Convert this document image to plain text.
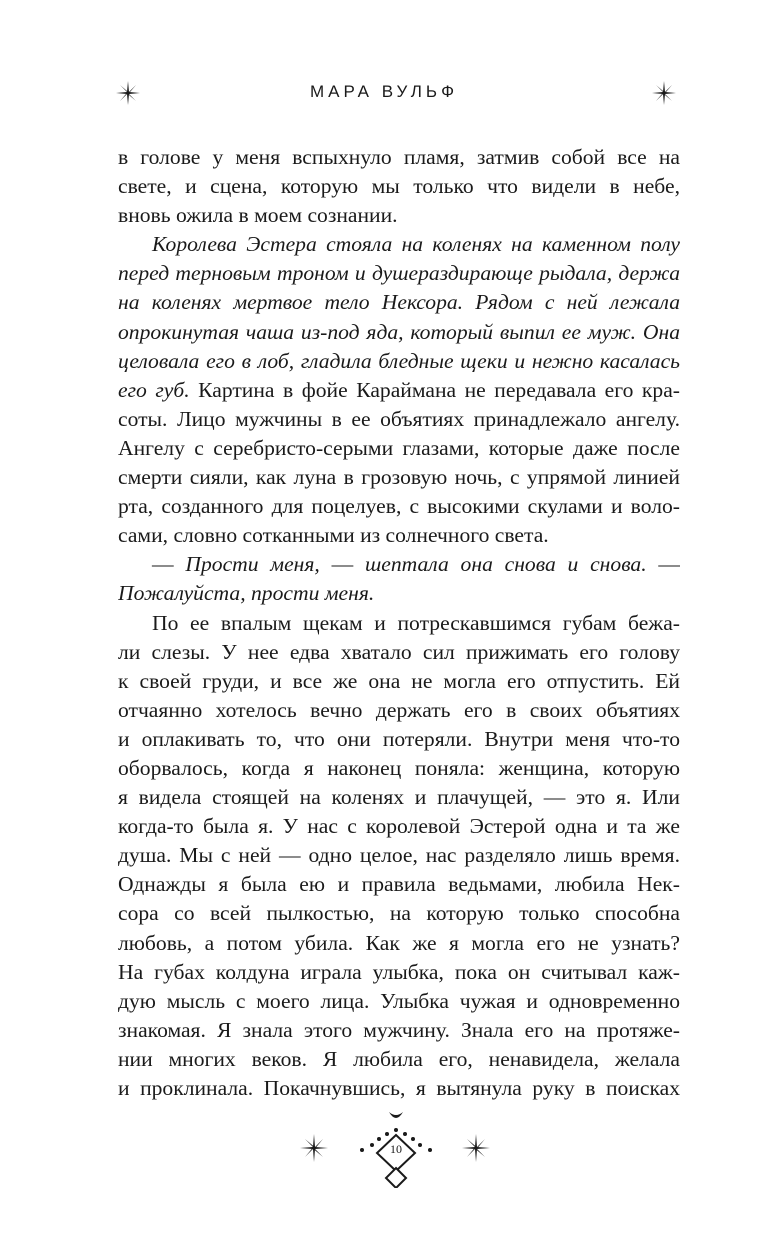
МАРА ВУЛЬФ
в голове у меня вспыхнуло пламя, затмив собой все на
свете, и сцена, которую мы только что видели в небе,
вновь ожила в моем сознании.
Королева Эстера стояла на коленях на каменном полу
перед терновым троном и душераздирающе рыдала, держа
на коленях мертвое тело Нексора. Рядом с ней лежала
опрокинутая чаша из-под яда, который выпил ее муж. Она
целовала его в лоб, гладила бледные щеки и нежно касалась
его губ. Картина в фойе Караймана не передавала его кра-
соты. Лицо мужчины в ее объятиях принадлежало ангелу.
Ангелу с серебристо-серыми глазами, которые даже после
смерти сияли, как луна в грозовую ночь, с упрямой линией
рта, созданного для поцелуев, с высокими скулами и воло-
сами, словно сотканными из солнечного света.
— Прости меня, — шептала она снова и снова. —
Пожалуйста, прости меня.
По ее впалым щекам и потрескавшимся губам бежа-
ли слезы. У нее едва хватало сил прижимать его голову
к своей груди, и все же она не могла его отпустить. Ей
отчаянно хотелось вечно держать его в своих объятиях
и оплакивать то, что они потеряли. Внутри меня что-то
оборвалось, когда я наконец поняла: женщина, которую
я видела стоящей на коленях и плачущей, — это я. Или
когда-то была я. У нас с королевой Эстерой одна и та же
душа. Мы с ней — одно целое, нас разделяло лишь время.
Однажды я была ею и правила ведьмами, любила Нек-
сора со всей пылкостью, на которую только способна
любовь, а потом убила. Как же я могла его не узнать?
На губах колдуна играла улыбка, пока он считывал каж-
дую мысль с моего лица. Улыбка чужая и одновременно
знакомая. Я знала этого мужчину. Знала его на протяже-
нии многих веков. Я любила его, ненавидела, желала
и проклинала. Покачнувшись, я вытянула руку в поисках
10
